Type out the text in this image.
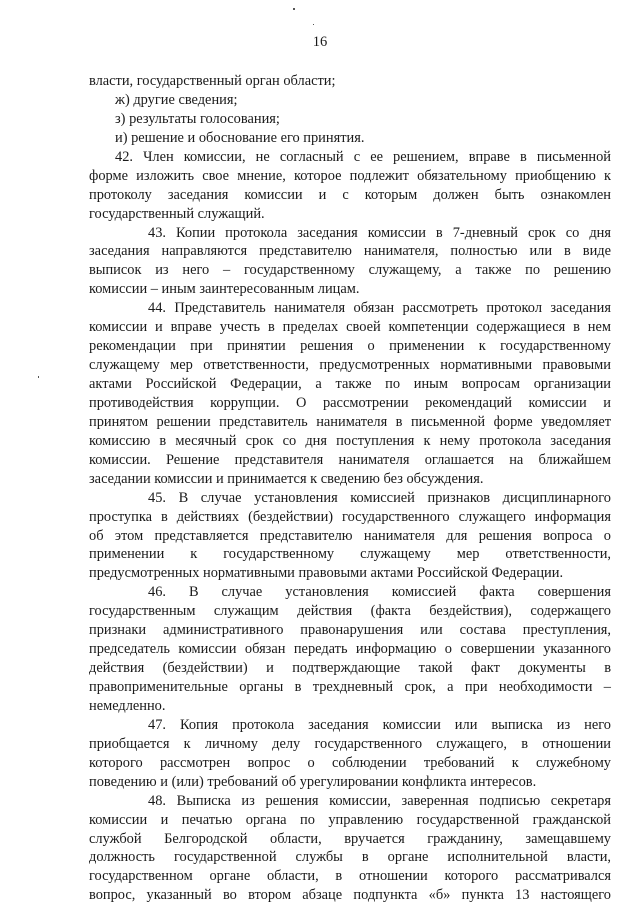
16
власти, государственный орган области;
ж) другие сведения;
з) результаты голосования;
и) решение и обоснование его принятия.
42. Член комиссии, не согласный с ее решением, вправе в письменной
форме изложить свое мнение, которое подлежит обязательному приобщению к
протоколу заседания комиссии и с которым должен быть ознакомлен
государственный служащий.
43. Копии протокола заседания комиссии в 7-дневный срок со дня
заседания направляются представителю нанимателя, полностью или в виде
выписок из него – государственному служащему, а также по решению
комиссии – иным заинтересованным лицам.
44. Представитель нанимателя обязан рассмотреть протокол заседания
комиссии и вправе учесть в пределах своей компетенции содержащиеся в нем
рекомендации при принятии решения о применении к государственному
служащему мер ответственности, предусмотренных нормативными правовыми
актами Российской Федерации, а также по иным вопросам организации
противодействия коррупции. О рассмотрении рекомендаций комиссии и
принятом решении представитель нанимателя в письменной форме уведомляет
комиссию в месячный срок со дня поступления к нему протокола заседания
комиссии. Решение представителя нанимателя оглашается на ближайшем
заседании комиссии и принимается к сведению без обсуждения.
45. В случае установления комиссией признаков дисциплинарного
проступка в действиях (бездействии) государственного служащего информация
об этом представляется представителю нанимателя для решения вопроса о
применении к государственному служащему мер ответственности,
предусмотренных нормативными правовыми актами Российской Федерации.
46. В случае установления комиссией факта совершения
государственным служащим действия (факта бездействия), содержащего
признаки административного правонарушения или состава преступления,
председатель комиссии обязан передать информацию о совершении указанного
действия (бездействии) и подтверждающие такой факт документы в
правоприменительные органы в трехдневный срок, а при необходимости –
немедленно.
47. Копия протокола заседания комиссии или выписка из него
приобщается к личному делу государственного служащего, в отношении
которого рассмотрен вопрос о соблюдении требований к служебному
поведению и (или) требований об урегулировании конфликта интересов.
48. Выписка из решения комиссии, заверенная подписью секретаря
комиссии и печатью органа по управлению государственной гражданской
службой Белгородской области, вручается гражданину, замещавшему
должность государственной службы в органе исполнительной власти,
государственном органе области, в отношении которого рассматривался
вопрос, указанный во втором абзаце подпункта «б» пункта 13 настоящего
